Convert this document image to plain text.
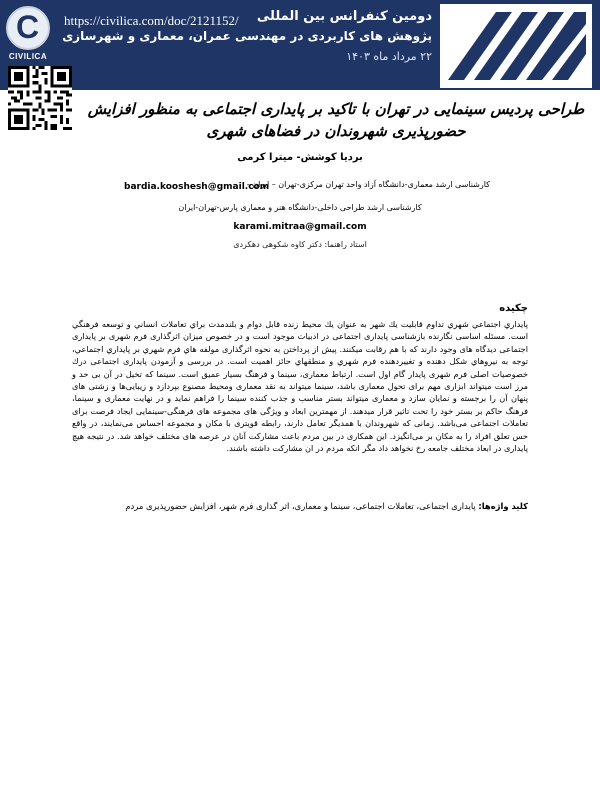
C
CIVILICA
https://civilica.com/doc/2121152/	دومین کنفرانس بین المللی
پژوهش های کاربردی در مهندسی عمران، معماری و شهرسازی
۲۲ مرداد ماه ۱۴۰۳
طراحی پردیس سینمایی در تهران با تاکید بر پایداری اجتماعی به منظور افزایش حضورپذیری شهروندان در فضاهای شهری
بردیا کوشش- میترا کرمی
کارشناسی ارشد معماری-دانشگاه آزاد واحد تهران مرکزی-تهران – ایران -
bardia.kooshesh@gmail.com
کارشناسی ارشد طراحی داخلی-دانشگاه هنر و معماری پارس-تهران-ایران
karami.mitraa@gmail.com
استاد راهنما: دکتر کاوه شکوهی دهکردی
چکیده
پايداري اجتماعي شهري تداوم قابليت يك شهر به عنوان يك محيط زنده قابل دوام و بلندمدت براي تعاملات انساني و توسعه فرهنگي است. مسئله اساسی نگارنده بازشناسی پایداری اجتماعی در ادبیات موجود است و در خصوص میزان اثرگذاری فرم شهری بر پایداری اجتماعی دیدگاه های وجود دارند که با هم رقابت میکنند. پیش از پرداختن به نحوه اثرگذاری مولفه هاي فرم شهري بر پايداري اجتماعي، توجه به نيروهاي شكل دهنده و تغييردهنده فرم شهري و منطقهاي حائز اهميت است. در بررسی و آزمودن پایداری اجتماعی درك خصوصیات اصلی فرم شهری پایدار گام اول است. ارتباط معماری، سینما و فرهنگ بسیار عمیق است. سینما که تخیل در آن بی حد و مرز است میتواند ابزاری مهم برای تحول معماری باشد، سینما میتواند به نقد معماری ومحیط مصنوع بپردازد و زیبایی‌ها و زشتی های پنهان آن را برجسته و نمایان سازد و معماری میتواند بستر مناسب و جذب کننده سینما را فراهم نماید و در نهایت معماری و سینما، فرهنگ حاکم بر بستر خود را تحت تاثیر قرار میدهند. از مهمترین ابعاد و ویژگی های مجموعه های فرهنگی-سینمایی ایجاد فرصت برای تعاملات اجتماعی می‌باشد. زمانی که شهروندان با همدیگر تعامل دارند، رابطه قویتری با مکان و مجموعه احساس می‌نمایند، در واقع حس تعلق افراد را به مکان بر می‌انگیزد. این همکاری در بین مردم باعث مشارکت آنان در عرصه های مختلف خواهد شد. در نتیجه هیچ پایداری در ابعاد مختلف جامعه رخ نخواهد داد مگر انکه مردم در ان مشارکت داشته باشند.
کلید واژه‌ها: پایداری اجتماعی، تعاملات اجتماعی، سینما و معماری، اثر گذاری فرم شهر، افزایش حضورپذیری مردم
